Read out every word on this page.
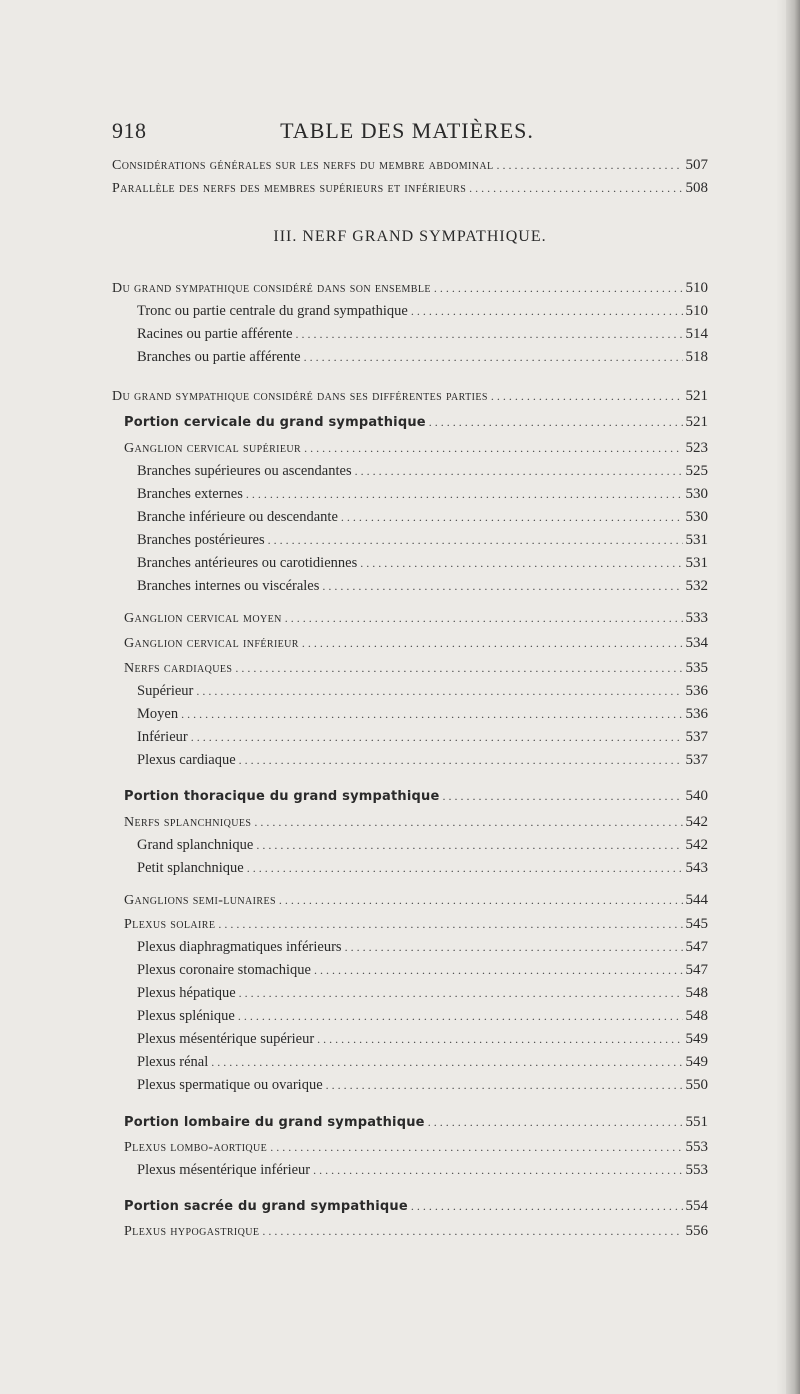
918	TABLE DES MATIÈRES.
Considérations générales sur les nerfs du membre abdominal . . .	507
Parallèle des nerfs des membres supérieurs et inférieurs . . .	508
III. NERF GRAND SYMPATHIQUE.
Du grand sympathique considéré dans son ensemble . . .	510
Tronc ou partie centrale du grand sympathique . . .	510
Racines ou partie afférente . . .	514
Branches ou partie afférente . . .	518
Du grand sympathique considéré dans ses différentes parties . . .	521
Portion cervicale du grand sympathique . . .	521
Ganglion cervical supérieur . . .	523
Branches supérieures ou ascendantes . . .	525
Branches externes . . .	530
Branche inférieure ou descendante . . .	530
Branches postérieures . . .	531
Branches antérieures ou carotidiennes . . .	531
Branches internes ou viscérales . . .	532
Ganglion cervical moyen . . .	533
Ganglion cervical inférieur . . .	534
Nerfs cardiaques . . .	535
Supérieur . . .	536
Moyen . . .	536
Inférieur . . .	537
Plexus cardiaque . . .	537
Portion thoracique du grand sympathique . . .	540
Nerfs splanchniques . . .	542
Grand splanchnique . . .	542
Petit splanchnique . . .	543
Ganglions semi-lunaires . . .	544
Plexus solaire . . .	545
Plexus diaphragmatiques inférieurs . . .	547
Plexus coronaire stomachique . . .	547
Plexus hépatique . . .	548
Plexus splénique . . .	548
Plexus mésentérique supérieur . . .	549
Plexus rénal . . .	549
Plexus spermatique ou ovarique . . .	550
Portion lombaire du grand sympathique . . .	551
Plexus lombo-aortique . . .	553
Plexus mésentérique inférieur . . .	553
Portion sacrée du grand sympathique . . .	554
Plexus hypogastrique . . .	556
